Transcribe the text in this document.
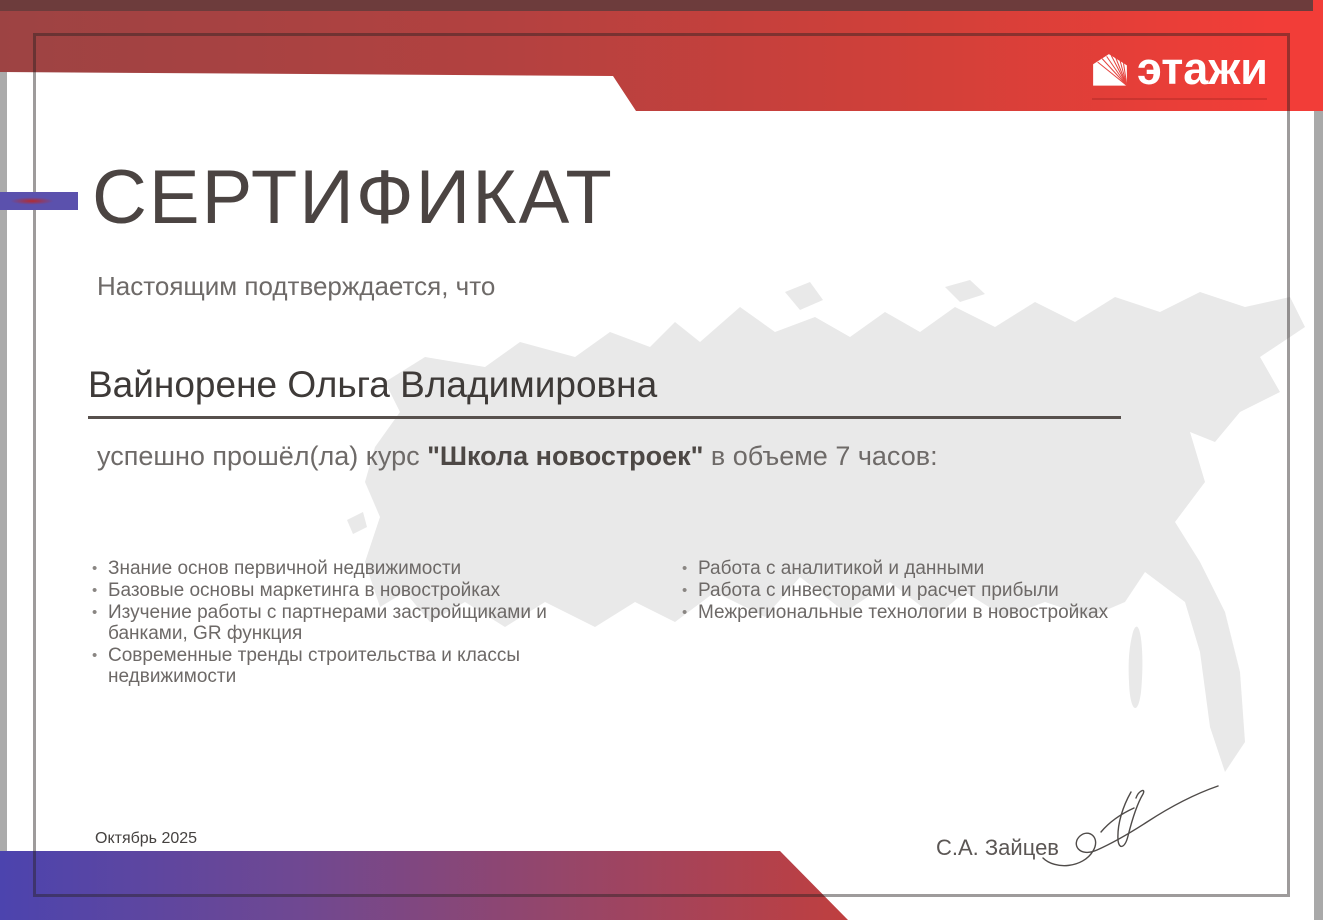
этажи
СЕРТИФИКАТ
Настоящим подтверждается, что
Вайнорене Ольга Владимировна
успешно прошёл(ла) курс "Школа новостроек" в объеме 7 часов:
• Знание основ первичной недвижимости
• Базовые основы маркетинга в новостройках
• Изучение работы с партнерами застройщиками и банками, GR функция
• Современные тренды строительства и классы недвижимости
• Работа с аналитикой и данными
• Работа с инвесторами и расчет прибыли
• Межрегиональные технологии в новостройках
Октябрь 2025	С.А. Зайцев
